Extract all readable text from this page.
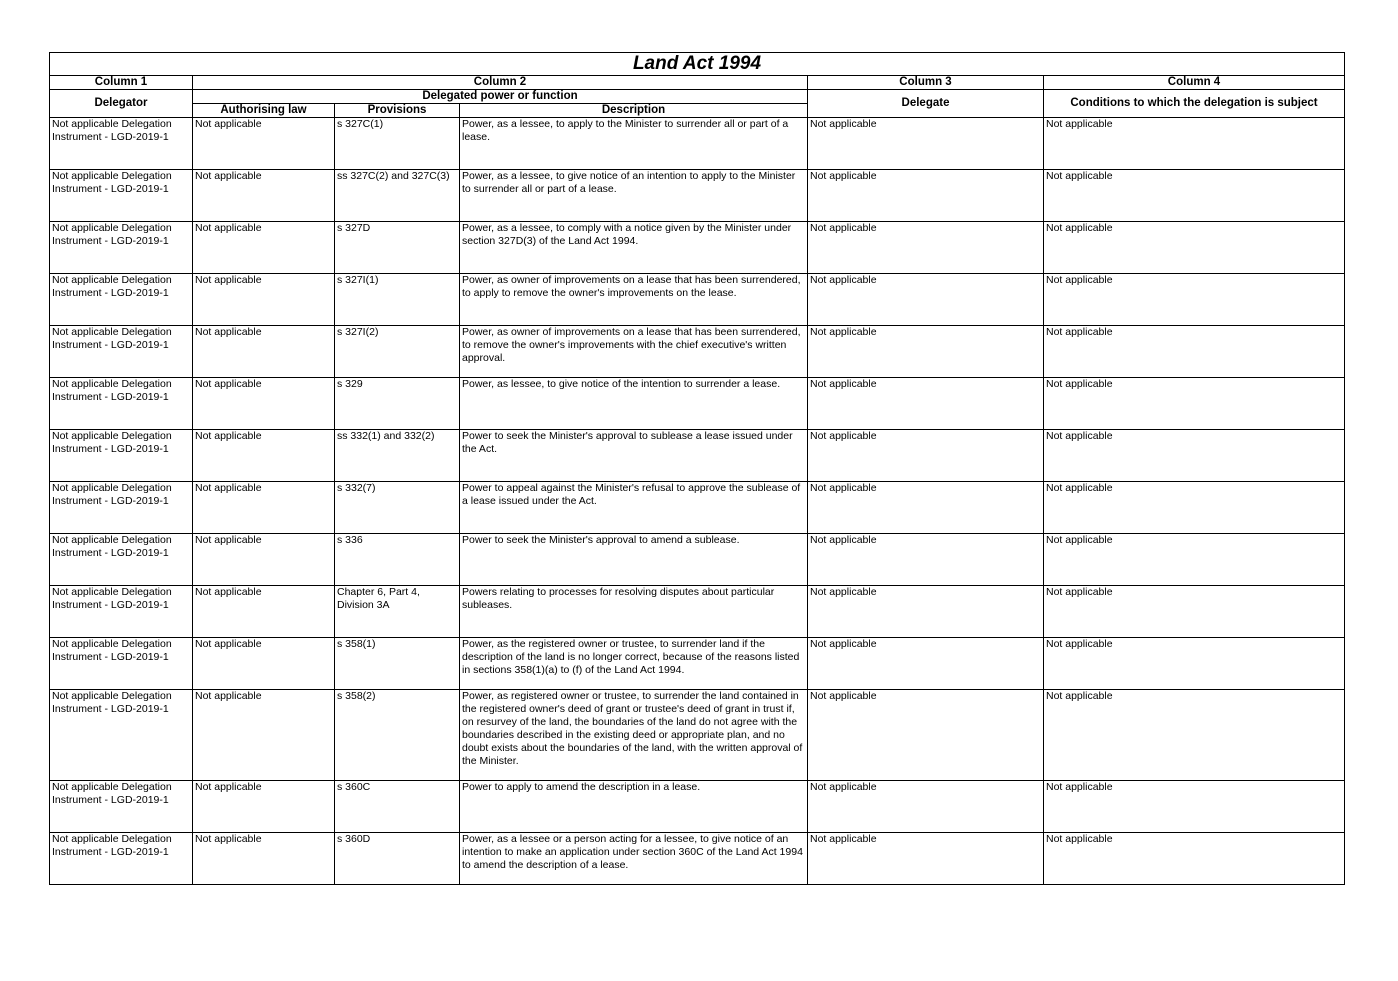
Land Act 1994					
Column 1	Column 2			Column 3	Column 4
Delegator	Delegated power or function			Delegate	Conditions to which the delegation is subject
	Authorising law	Provisions	Description		
Not applicable Delegation Instrument - LGD-2019-1	Not applicable	s 327C(1)	Power, as a lessee, to apply to the Minister to surrender all or part of a lease.	Not applicable	Not applicable
Not applicable Delegation Instrument - LGD-2019-1	Not applicable	ss 327C(2) and 327C(3)	Power, as a lessee, to give notice of an intention to apply to the Minister to surrender all or part of a lease.	Not applicable	Not applicable
Not applicable Delegation Instrument - LGD-2019-1	Not applicable	s 327D	Power, as a lessee, to comply with a notice given by the Minister under section 327D(3) of the Land Act 1994.	Not applicable	Not applicable
Not applicable Delegation Instrument - LGD-2019-1	Not applicable	s 327I(1)	Power, as owner of improvements on a lease that has been surrendered, to apply to remove the owner's improvements on the lease.	Not applicable	Not applicable
Not applicable Delegation Instrument - LGD-2019-1	Not applicable	s 327I(2)	Power, as owner of improvements on a lease that has been surrendered, to remove the owner's improvements with the chief executive's written approval.	Not applicable	Not applicable
Not applicable Delegation Instrument - LGD-2019-1	Not applicable	s 329	Power, as lessee, to give notice of the intention to surrender a lease.	Not applicable	Not applicable
Not applicable Delegation Instrument - LGD-2019-1	Not applicable	ss 332(1) and 332(2)	Power to seek the Minister's approval to sublease a lease issued under the Act.	Not applicable	Not applicable
Not applicable Delegation Instrument - LGD-2019-1	Not applicable	s 332(7)	Power to appeal against the Minister's refusal to approve the sublease of a lease issued under the Act.	Not applicable	Not applicable
Not applicable Delegation Instrument - LGD-2019-1	Not applicable	s 336	Power to seek the Minister's approval to amend a sublease.	Not applicable	Not applicable
Not applicable Delegation Instrument - LGD-2019-1	Not applicable	Chapter 6, Part 4, Division 3A	Powers relating to processes for resolving disputes about particular subleases.	Not applicable	Not applicable
Not applicable Delegation Instrument - LGD-2019-1	Not applicable	s 358(1)	Power, as the registered owner or trustee, to surrender land if the description of the land is no longer correct, because of the reasons listed in sections 358(1)(a) to (f) of the Land Act 1994.	Not applicable	Not applicable
Not applicable Delegation Instrument - LGD-2019-1	Not applicable	s 358(2)	Power, as registered owner or trustee, to surrender the land contained in the registered owner's deed of grant or trustee's deed of grant in trust if, on resurvey of the land, the boundaries of the land do not agree with the boundaries described in the existing deed or appropriate plan, and no doubt exists about the boundaries of the land, with the written approval of the Minister.	Not applicable	Not applicable
Not applicable Delegation Instrument - LGD-2019-1	Not applicable	s 360C	Power to apply to amend the description in a lease.	Not applicable	Not applicable
Not applicable Delegation Instrument - LGD-2019-1	Not applicable	s 360D	Power, as a lessee or a person acting for a lessee, to give notice of an intention to make an application under section 360C of the Land Act 1994 to amend the description of a lease.	Not applicable	Not applicable
